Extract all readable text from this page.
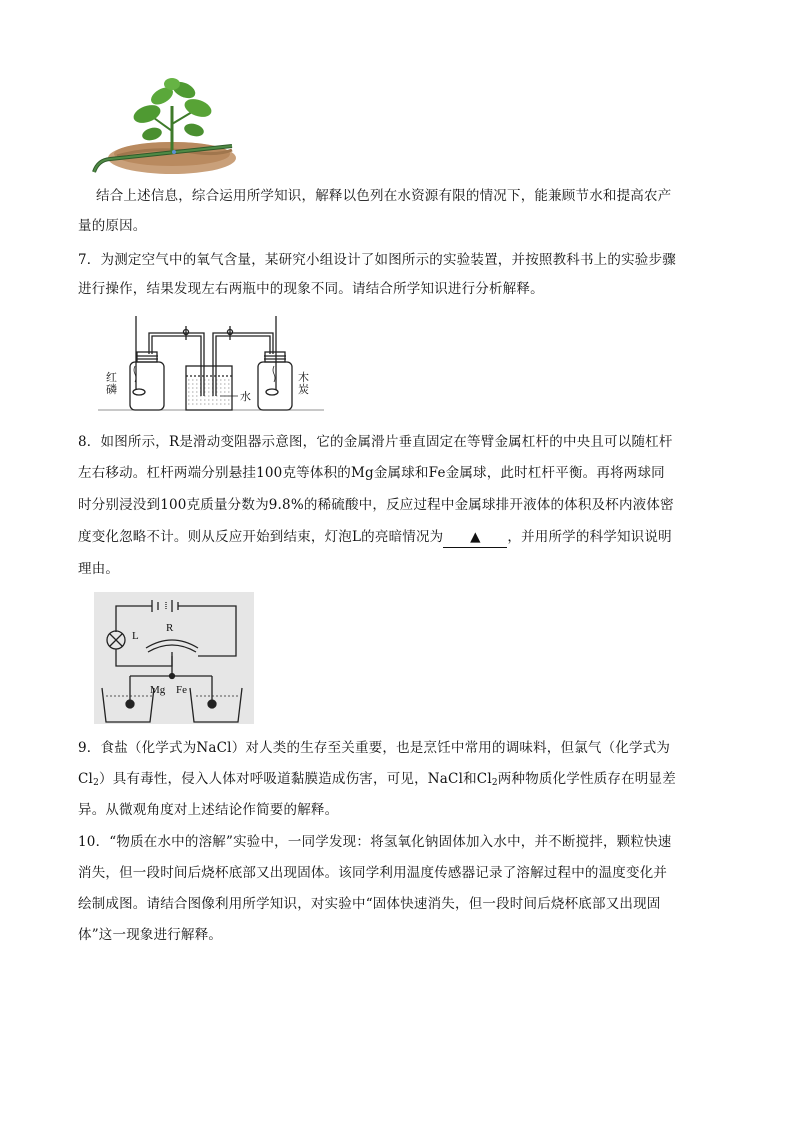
结合上述信息，综合运用所学知识，解释以色列在水资源有限的情况下，能兼顾节水和提高农产
量的原因。
7．为测定空气中的氧气含量，某研究小组设计了如图所示的实验装置，并按照教科书上的实验步骤
进行操作，结果发现左右两瓶中的现象不同。请结合所学知识进行分析解释。
红
磷
水
木
炭
8．如图所示，R是滑动变阻器示意图，它的金属滑片垂直固定在等臂金属杠杆的中央且可以随杠杆
左右移动。杠杆两端分别悬挂100克等体积的Mg金属球和Fe金属球，此时杠杆平衡。再将两球同
时分别浸没到100克质量分数为9.8%的稀硫酸中，反应过程中金属球排开液体的体积及杯内液体密
度变化忽略不计。则从反应开始到结束，灯泡L的亮暗情况为 ▲ ，并用所学的科学知识说明
理由。
L
R
Mg Fe
9．食盐（化学式为NaCl）对人类的生存至关重要，也是烹饪中常用的调味料，但氯气（化学式为
$Cl_2$）具有毒性，侵入人体对呼吸道黏膜造成伤害，可见，NaCl和$Cl_2$两种物质化学性质存在明显差
异。从微观角度对上述结论作简要的解释。
10．“物质在水中的溶解”实验中，一同学发现：将氢氧化钠固体加入水中，并不断搅拌，颗粒快速
消失，但一段时间后烧杯底部又出现固体。该同学利用温度传感器记录了溶解过程中的温度变化并
绘制成图。请结合图像利用所学知识，对实验中“固体快速消失，但一段时间后烧杯底部又出现固
体”这一现象进行解释。
